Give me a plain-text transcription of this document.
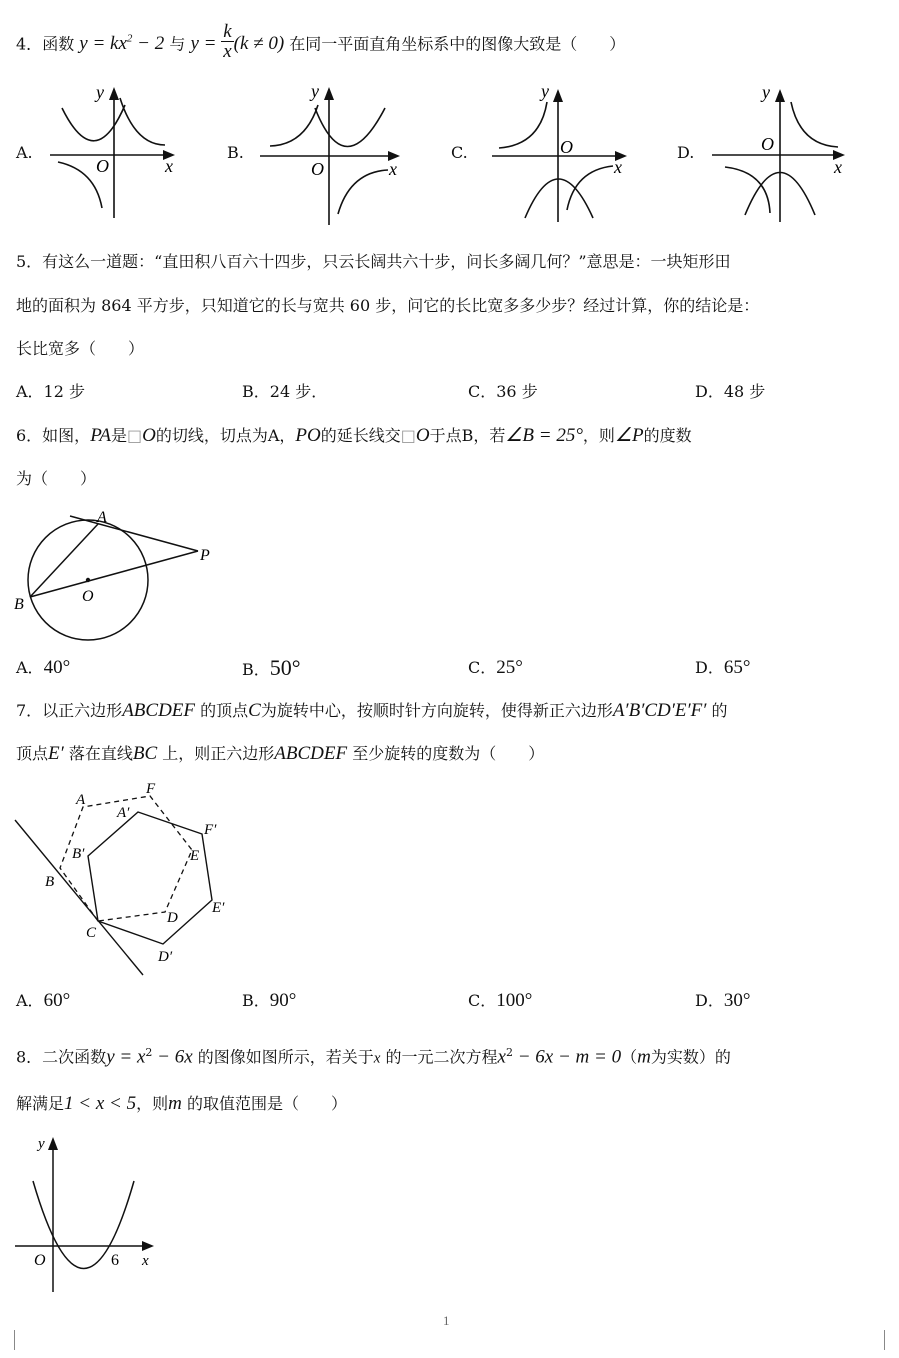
4．函数 $y = kx^2 - 2$ 与 $y = \frac{k}{x} (k \ne 0)$ 在同一平面直角坐标系中的图像大致是（　　）
A.
y
O	x
B.
y
O	x
C.
y
O
x
D.
y
O
x
5．有这么一道题：“直田积八百六十四步，只云长阔共六十步，问长多阔几何？”意思是：一块矩形田
地的面积为 864 平方步，只知道它的长与宽共 60 步，问它的长比宽多多少步？经过计算，你的结论是：
长比宽多（　　）
A．12 步	B．24 步．	C．36 步	D．48 步
6．如图，PA是□O的切线，切点为A，PO的延长线交□O于点B，若∠B = 25°，则∠P的度数
为（　　）
A
P
O
B
A．40°	B．50°	C．25°	D．65°
7．以正六边形ABCDEF 的顶点C为旋转中心，按顺时针方向旋转，使得新正六边形A′B′CD′E′F′ 的
顶点E′ 落在直线BC 上，则正六边形ABCDEF 至少旋转的度数为（　　）
A
F
A′
F′
B′	E
B
E′
D
C
D′
A．60°	B．90°	C．100°	D．30°
8．二次函数$y = x^2 - 6x$ 的图像如图所示，若关于x 的一元二次方程$x^2 - 6x - m = 0(m$为实数）的
解满足1 < x < 5，则m 的取值范围是（　　）
y
O	6 x
1
